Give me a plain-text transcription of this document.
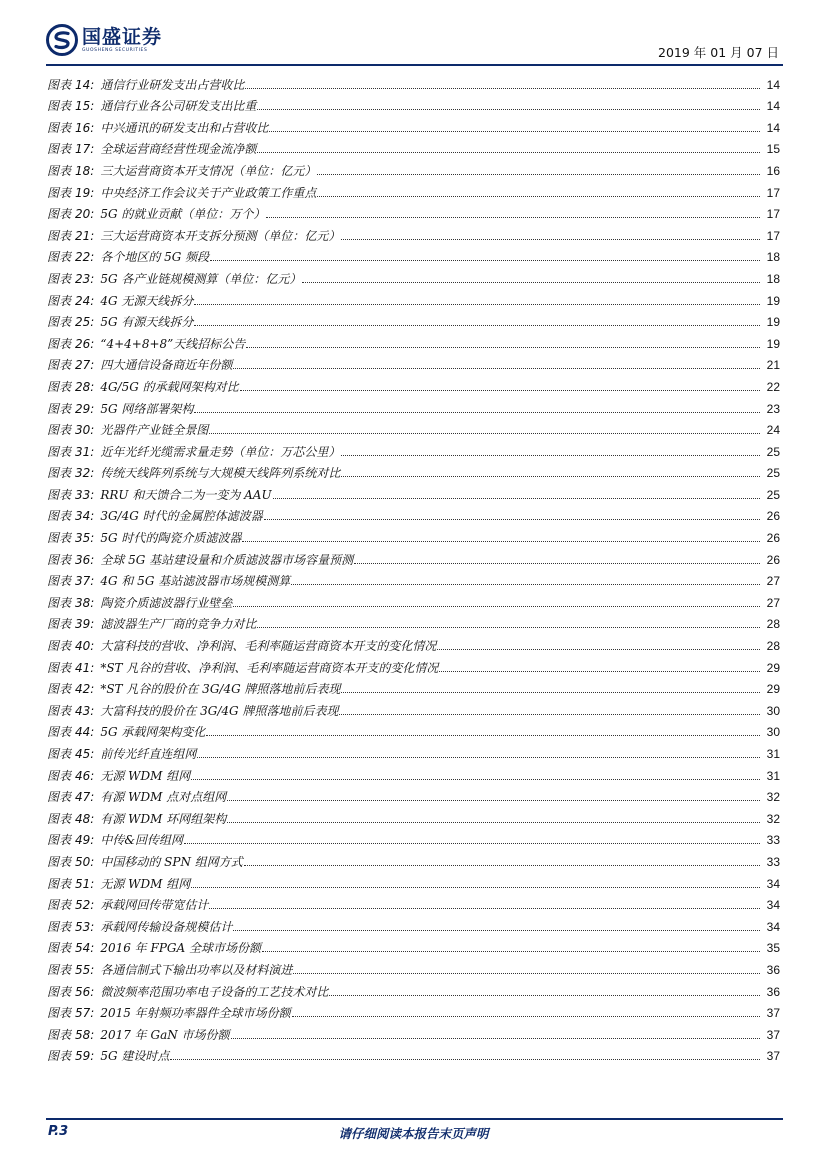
国盛证券
GUOSHENG SECURITIES	2019 年 01 月 07 日
图表 14: 通信行业研发支出占营收比	14
图表 15: 通信行业各公司研发支出比重	14
图表 16: 中兴通讯的研发支出和占营收比	14
图表 17: 全球运营商经营性现金流净额	15
图表 18: 三大运营商资本开支情况（单位：亿元）	16
图表 19: 中央经济工作会议关于产业政策工作重点	17
图表 20: 5G 的就业贡献（单位：万个）	17
图表 21: 三大运营商资本开支拆分预测（单位：亿元）	17
图表 22: 各个地区的 5G 频段	18
图表 23: 5G 各产业链规模测算（单位：亿元）	18
图表 24: 4G 无源天线拆分	19
图表 25: 5G 有源天线拆分	19
图表 26: “4+4+8+8”天线招标公告	19
图表 27: 四大通信设备商近年份额	21
图表 28: 4G/5G 的承载网架构对比	22
图表 29: 5G 网络部署架构	23
图表 30: 光器件产业链全景图	24
图表 31: 近年光纤光缆需求量走势（单位：万芯公里）	25
图表 32: 传统天线阵列系统与大规模天线阵列系统对比	25
图表 33: RRU 和天馈合二为一变为 AAU	25
图表 34: 3G/4G 时代的金属腔体滤波器	26
图表 35: 5G 时代的陶瓷介质滤波器	26
图表 36: 全球 5G 基站建设量和介质滤波器市场容量预测	26
图表 37: 4G 和 5G 基站滤波器市场规模测算	27
图表 38: 陶瓷介质滤波器行业壁垒	27
图表 39: 滤波器生产厂商的竞争力对比	28
图表 40: 大富科技的营收、净利润、毛利率随运营商资本开支的变化情况	28
图表 41: *ST 凡谷的营收、净利润、毛利率随运营商资本开支的变化情况	29
图表 42: *ST 凡谷的股价在 3G/4G 牌照落地前后表现	29
图表 43: 大富科技的股价在 3G/4G 牌照落地前后表现	30
图表 44: 5G 承载网架构变化	30
图表 45: 前传光纤直连组网	31
图表 46: 无源 WDM 组网	31
图表 47: 有源 WDM 点对点组网	32
图表 48: 有源 WDM 环网组架构	32
图表 49: 中传&回传组网	33
图表 50: 中国移动的 SPN 组网方式	33
图表 51: 无源 WDM 组网	34
图表 52: 承载网回传带宽估计	34
图表 53: 承载网传输设备规模估计	34
图表 54: 2016 年 FPGA 全球市场份额	35
图表 55: 各通信制式下输出功率以及材料演进	36
图表 56: 微波频率范围功率电子设备的工艺技术对比	36
图表 57: 2015 年射频功率器件全球市场份额	37
图表 58: 2017 年 GaN 市场份额	37
图表 59: 5G 建设时点	37
请仔细阅读本报告末页声明
P.3
